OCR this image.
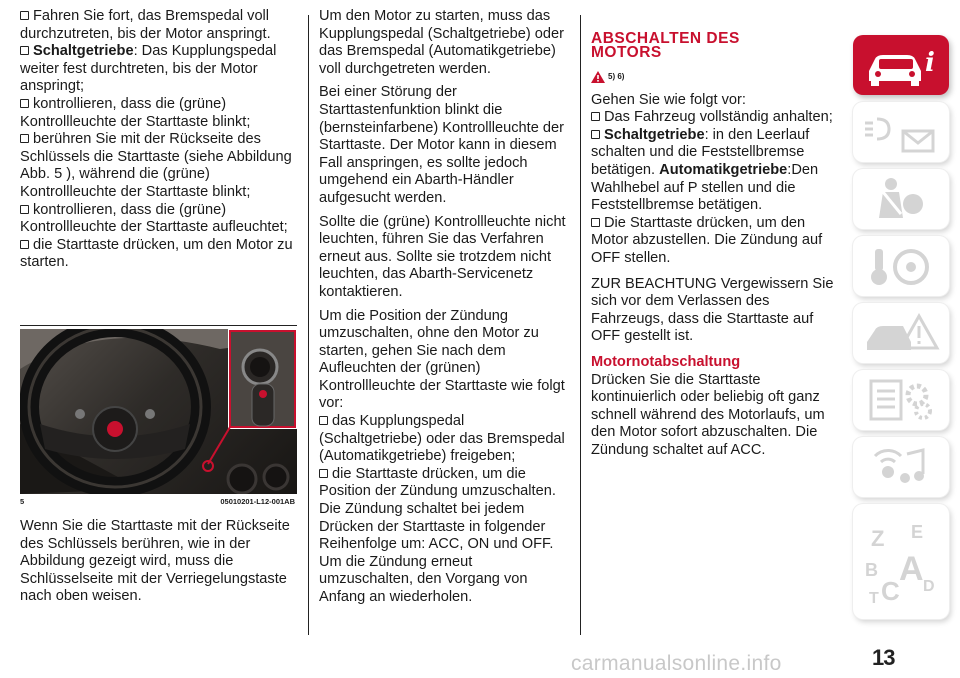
Fahren Sie fort, das Bremspedal voll durchzutreten, bis der Motor anspringt.

Schaltgetriebe: Das Kupplungspedal weiter fest durchtreten, bis der Motor anspringt;

kontrollieren, dass die (grüne) Kontrollleuchte der Starttaste blinkt;

berühren Sie mit der Rückseite des Schlüssels die Starttaste (siehe Abbildung Abb. 5 ), während die (grüne) Kontrollleuchte der Starttaste blinkt;

kontrollieren, dass die (grüne) Kontrollleuchte der Starttaste aufleuchtet;

die Starttaste drücken, um den Motor zu starten.

5	05010201-L12-001AB

Wenn Sie die Starttaste mit der Rückseite des Schlüssels berühren, wie in der Abbildung gezeigt wird, muss die Schlüsselseite mit der Verriegelungstaste nach oben weisen.

Um den Motor zu starten, muss das Kupplungspedal (Schaltgetriebe) oder das Bremspedal (Automatikgetriebe) voll durchgetreten werden.

Bei einer Störung der Starttastenfunktion blinkt die (bernsteinfarbene) Kontrollleuchte der Starttaste. Der Motor kann in diesem Fall anspringen, es sollte jedoch umgehend ein Abarth-Händler aufgesucht werden.

Sollte die (grüne) Kontrollleuchte nicht leuchten, führen Sie das Verfahren erneut aus. Sollte sie trotzdem nicht leuchten, das Abarth-Servicenetz kontaktieren.

Um die Position der Zündung umzuschalten, ohne den Motor zu starten, gehen Sie nach dem Aufleuchten der (grünen) Kontrollleuchte der Starttaste wie folgt vor:

das Kupplungspedal (Schaltgetriebe) oder das Bremspedal (Automatikgetriebe) freigeben;

die Starttaste drücken, um die Position der Zündung umzuschalten. Die Zündung schaltet bei jedem Drücken der Starttaste in folgender Reihenfolge um: ACC, ON und OFF. Um die Zündung erneut umzuschalten, den Vorgang von Anfang an wiederholen.

ABSCHALTEN DES
MOTORS

5) 6)

Gehen Sie wie folgt vor:

Das Fahrzeug vollständig anhalten;

Schaltgetriebe: in den Leerlauf schalten und die Feststellbremse betätigen. Automatikgetriebe:Den Wahlhebel auf P stellen und die Feststellbremse betätigen.

Die Starttaste drücken, um den Motor abzustellen. Die Zündung auf OFF stellen.

ZUR BEACHTUNG Vergewissern Sie sich vor dem Verlassen des Fahrzeugs, dass die Starttaste auf OFF gestellt ist.

Motornotabschaltung

Drücken Sie die Starttaste kontinuierlich oder beliebig oft ganz schnell während des Motorlaufs, um den Motor sofort abzuschalten. Die Zündung schaltet auf ACC.

i
Z E
A
B
C
T
D
carmanualsonline.info	13
